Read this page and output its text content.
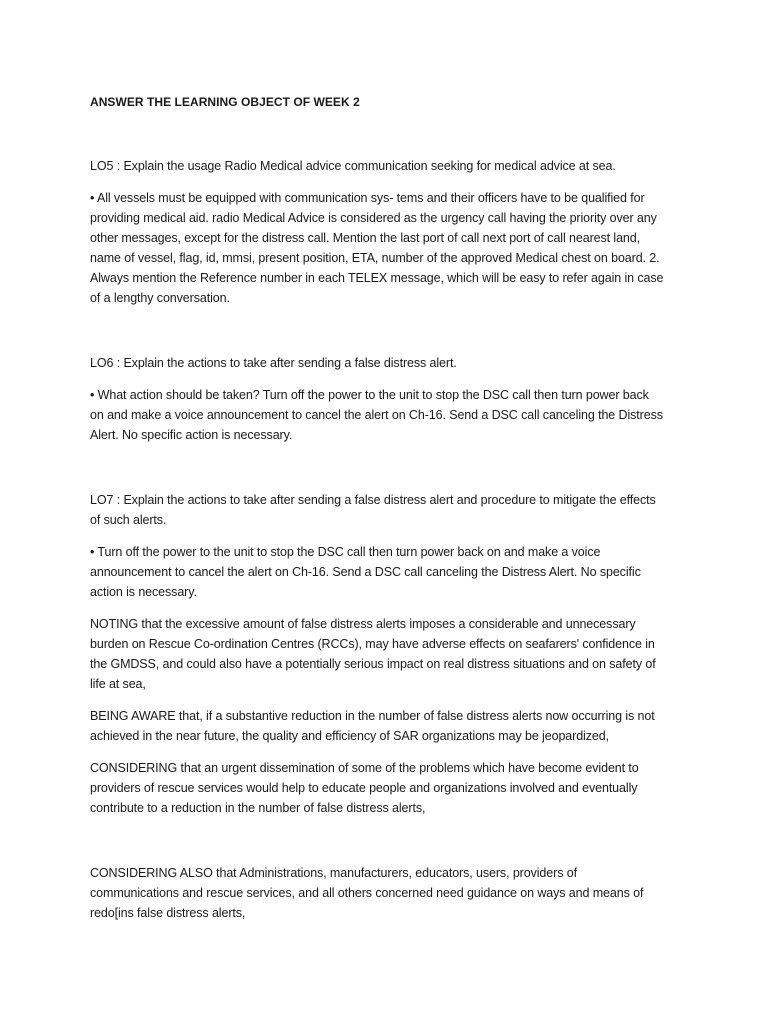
ANSWER THE LEARNING OBJECT OF WEEK 2

LO5 : Explain the usage Radio Medical advice communication seeking for medical advice at sea.

• All vessels must be equipped with communication sys- tems and their officers have to be qualified for
providing medical aid. radio Medical Advice is considered as the urgency call having the priority over any
other messages, except for the distress call. Mention the last port of call next port of call nearest land,
name of vessel, flag, id, mmsi, present position, ETA, number of the approved Medical chest on board. 2.
Always mention the Reference number in each TELEX message, which will be easy to refer again in case
of a lengthy conversation.

LO6 : Explain the actions to take after sending a false distress alert.

• What action should be taken? Turn off the power to the unit to stop the DSC call then turn power back
on and make a voice announcement to cancel the alert on Ch-16. Send a DSC call canceling the Distress
Alert. No specific action is necessary.

LO7 : Explain the actions to take after sending a false distress alert and procedure to mitigate the effects
of such alerts.

• Turn off the power to the unit to stop the DSC call then turn power back on and make a voice
announcement to cancel the alert on Ch-16. Send a DSC call canceling the Distress Alert. No specific
action is necessary.

NOTING that the excessive amount of false distress alerts imposes a considerable and unnecessary
burden on Rescue Co-ordination Centres (RCCs), may have adverse effects on seafarers' confidence in
the GMDSS, and could also have a potentially serious impact on real distress situations and on safety of
life at sea,

BEING AWARE that, if a substantive reduction in the number of false distress alerts now occurring is not
achieved in the near future, the quality and efficiency of SAR organizations may be jeopardized,

CONSIDERING that an urgent dissemination of some of the problems which have become evident to
providers of rescue services would help to educate people and organizations involved and eventually
contribute to a reduction in the number of false distress alerts,

CONSIDERING ALSO that Administrations, manufacturers, educators, users, providers of
communications and rescue services, and all others concerned need guidance on ways and means of
redo[ins false distress alerts,
